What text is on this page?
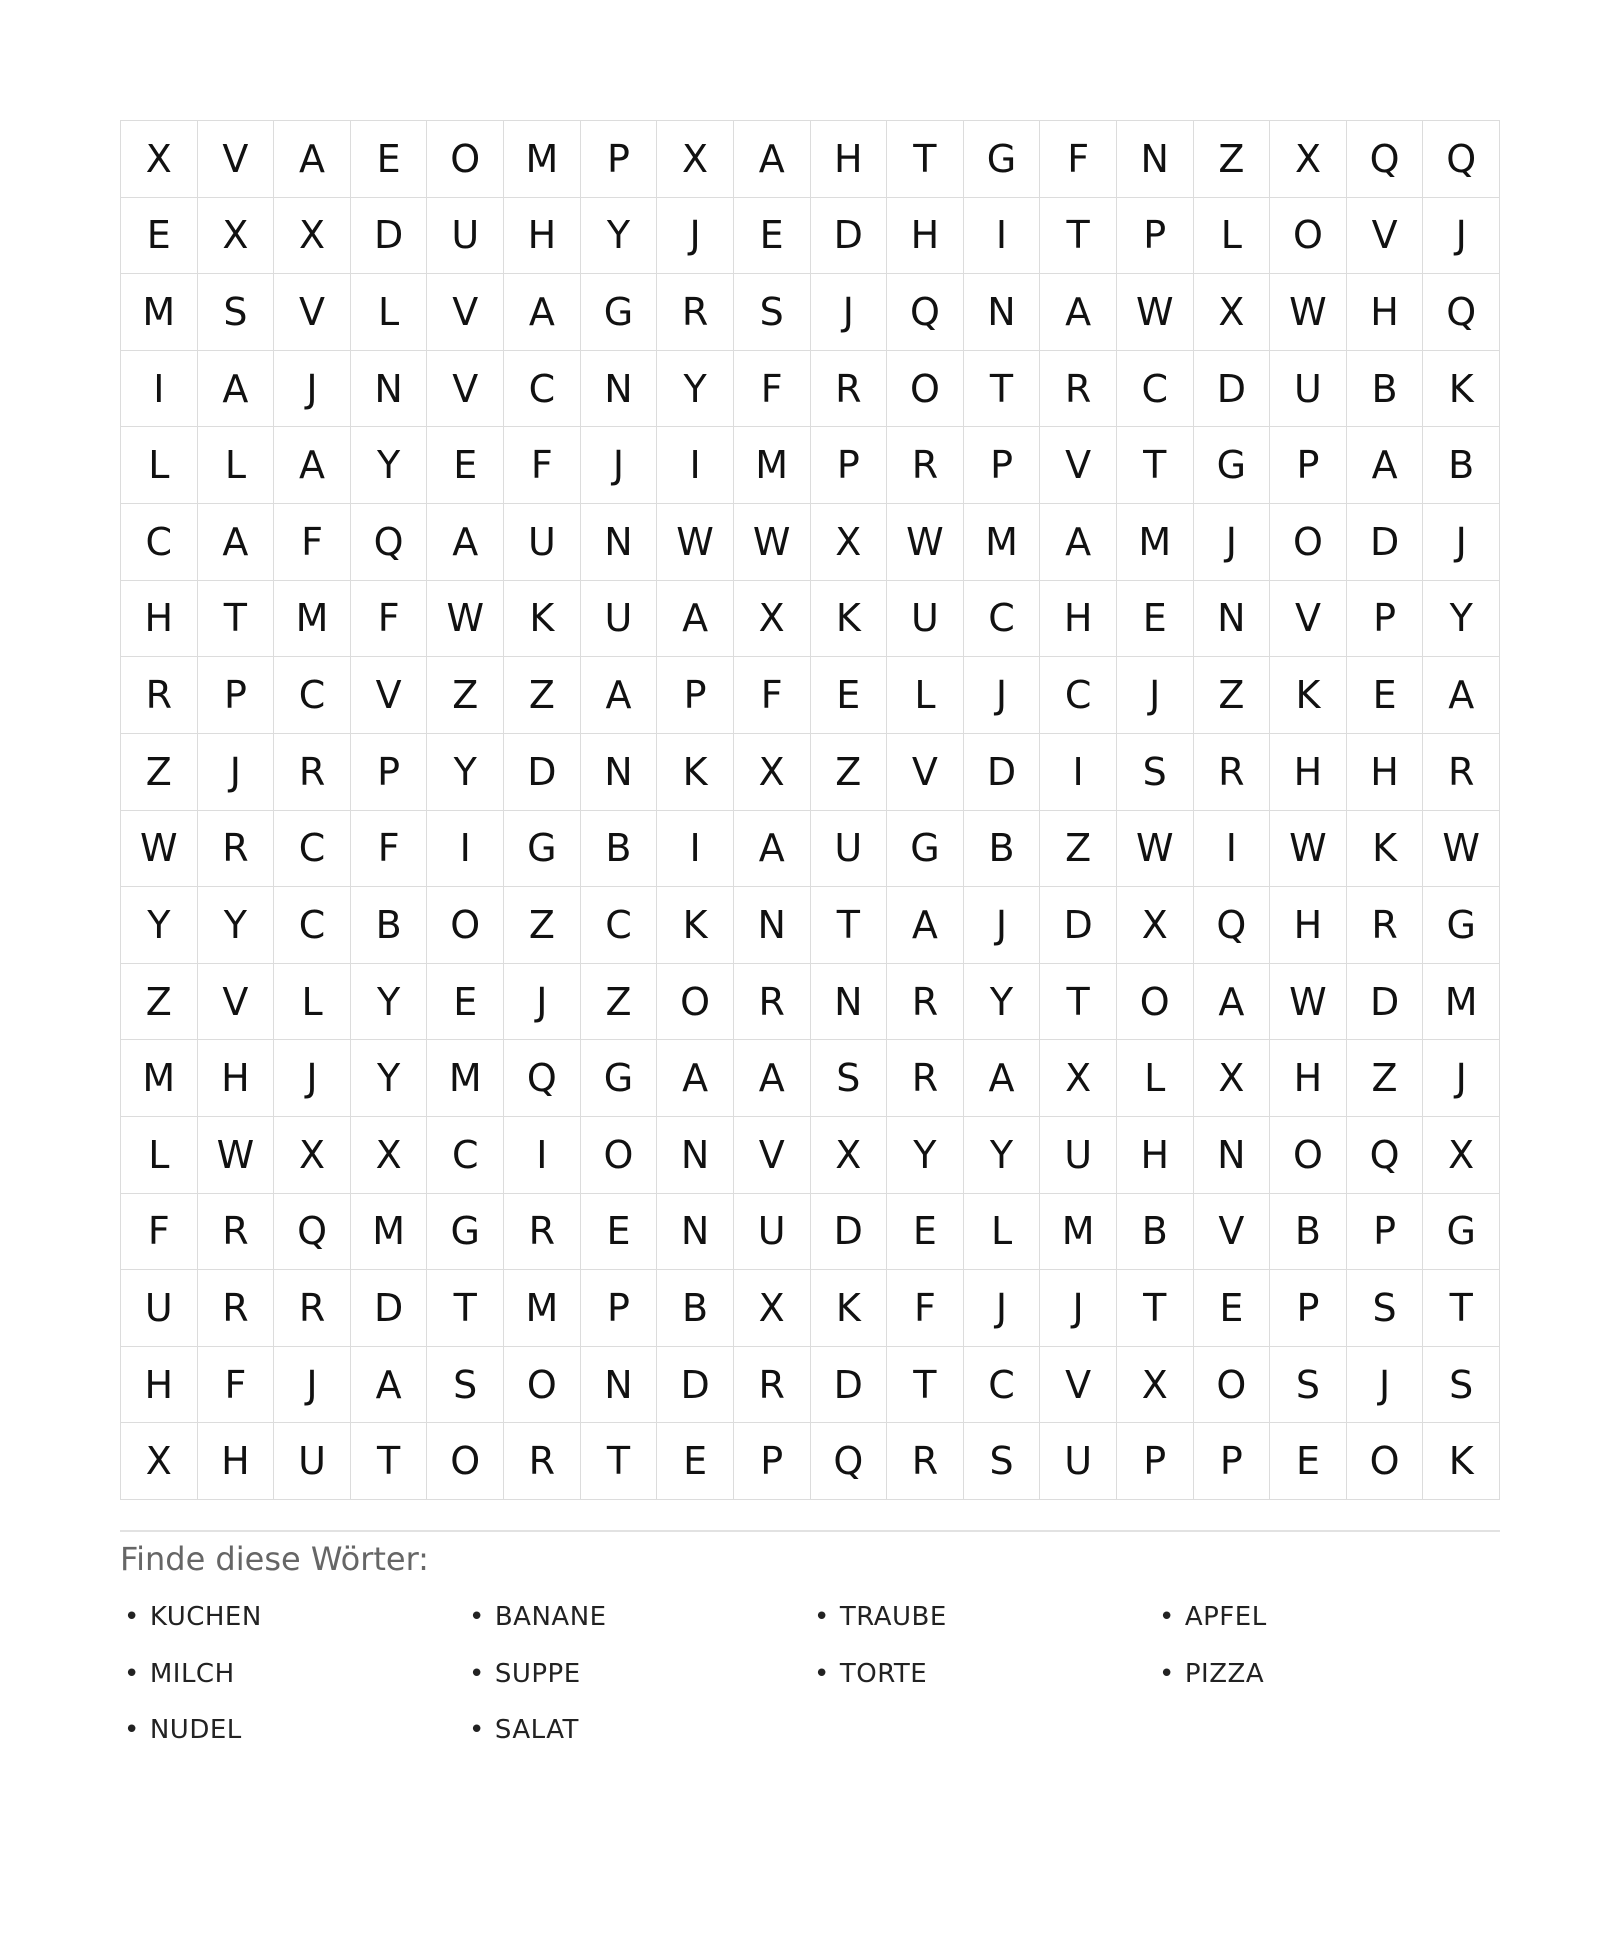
X	V	A	E	O	M	P	X	A	H	T	G	F	N	Z	X	Q	Q
E	X	X	D	U	H	Y	J	E	D	H	I	T	P	L	O	V	J
M	S	V	L	V	A	G	R	S	J	Q	N	A	W	X	W	H	Q
I	A	J	N	V	C	N	Y	F	R	O	T	R	C	D	U	B	K
L	L	A	Y	E	F	J	I	M	P	R	P	V	T	G	P	A	B
C	A	F	Q	A	U	N	W	W	X	W	M	A	M	J	O	D	J
H	T	M	F	W	K	U	A	X	K	U	C	H	E	N	V	P	Y
R	P	C	V	Z	Z	A	P	F	E	L	J	C	J	Z	K	E	A
Z	J	R	P	Y	D	N	K	X	Z	V	D	I	S	R	H	H	R
W	R	C	F	I	G	B	I	A	U	G	B	Z	W	I	W	K	W
Y	Y	C	B	O	Z	C	K	N	T	A	J	D	X	Q	H	R	G
Z	V	L	Y	E	J	Z	O	R	N	R	Y	T	O	A	W	D	M
M	H	J	Y	M	Q	G	A	A	S	R	A	X	L	X	H	Z	J
L	W	X	X	C	I	O	N	V	X	Y	Y	U	H	N	O	Q	X
F	R	Q	M	G	R	E	N	U	D	E	L	M	B	V	B	P	G
U	R	R	D	T	M	P	B	X	K	F	J	J	T	E	P	S	T
H	F	J	A	S	O	N	D	R	D	T	C	V	X	O	S	J	S
X	H	U	T	O	R	T	E	P	Q	R	S	U	P	P	E	O	K
Finde diese Wörter:
• KUCHEN	• BANANE	• TRAUBE	• APFEL
• MILCH	• SUPPE	• TORTE	• PIZZA
• NUDEL	• SALAT
